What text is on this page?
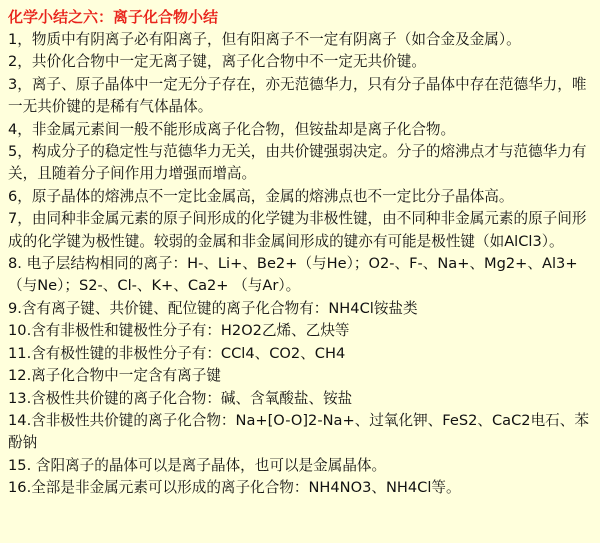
化学小结之六：离子化合物小结
1，物质中有阴离子必有阳离子，但有阳离子不一定有阴离子（如合金及金属）。
2，共价化合物中一定无离子键，离子化合物中不一定无共价键。
3，离子、原子晶体中一定无分子存在，亦无范德华力，只有分子晶体中存在范德华力，唯一无共价键的是稀有气体晶体。
4，非金属元素间一般不能形成离子化合物，但铵盐却是离子化合物。
5，构成分子的稳定性与范德华力无关，由共价键强弱决定。分子的熔沸点才与范德华力有关，且随着分子间作用力增强而增高。
6，原子晶体的熔沸点不一定比金属高，金属的熔沸点也不一定比分子晶体高。
7，由同种非金属元素的原子间形成的化学键为非极性键，由不同种非金属元素的原子间形成的化学键为极性键。较弱的金属和非金属间形成的键亦有可能是极性键（如AlCl3）。
8. 电子层结构相同的离子：H-、Li+、Be2+（与He）；O2-、F-、Na+、Mg2+、Al3+（与Ne）；S2-、Cl-、K+、Ca2+ （与Ar）。
9.含有离子键、共价键、配位键的离子化合物有：NH4Cl铵盐类
10.含有非极性和键极性分子有：H2O2乙烯、乙炔等
11.含有极性键的非极性分子有：CCl4、CO2、CH4
12.离子化合物中一定含有离子键
13.含极性共价键的离子化合物：碱、含氧酸盐、铵盐
14.含非极性共价键的离子化合物：Na+[O-O]2-Na+、过氧化钾、FeS2、CaC2电石、苯酚钠
15. 含阳离子的晶体可以是离子晶体，也可以是金属晶体。
16.全部是非金属元素可以形成的离子化合物：NH4NO3、NH4Cl等。
